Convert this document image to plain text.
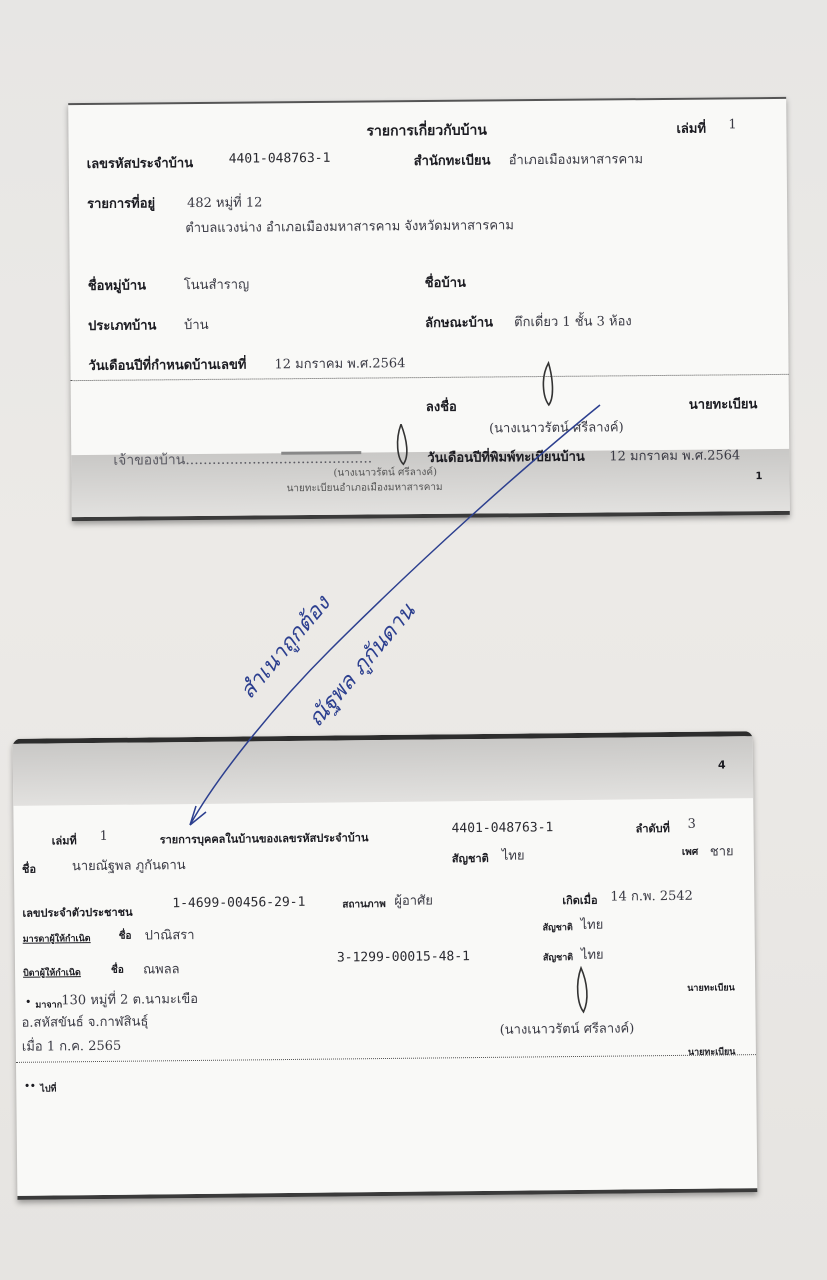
รายการเกี่ยวกับบ้าน	เล่มที่ 1
เลขรหัสประจำบ้าน	4401-048763-1	สำนักทะเบียน อำเภอเมืองมหาสารคาม
รายการที่อยู่ 482 หมู่ที่ 12
ตำบลแวงน่าง อำเภอเมืองมหาสารคาม จังหวัดมหาสารคาม
ชื่อหมู่บ้าน	โนนสำราญ	ชื่อบ้าน
ประเภทบ้าน บ้าน	ลักษณะบ้าน ตึกเดี่ยว 1 ชั้น 3 ห้อง
วันเดือนปีที่กำหนดบ้านเลขที่ 12 มกราคม พ.ศ.2564
ลงชื่อ	นายทะเบียน
(นางเนาวรัตน์ ศรีลางค์)
เจ้าของบ้าน..........................................	วันเดือนปีที่พิมพ์ทะเบียนบ้าน 12 มกราคม พ.ศ.2564
(นางเนาวรัตน์ ศรีลางค์)
นายทะเบียนอำเภอเมืองมหาสารคาม
1
4
เล่มที่ 1	รายการบุคคลในบ้านของเลขรหัสประจำบ้าน
4401-048763-1	ลำดับที่ 3
ชื่อ	นายณัฐพล ภูกันดาน	สัญชาติ ไทย	เพศ ชาย
เลขประจำตัวประชาชน
1-4699-00456-29-1	สถานภาพ ผู้อาศัย	เกิดเมื่อ 14 ก.พ. 2542
มารดาผู้ให้กำเนิด	ชื่อ ปาณิสรา	สัญชาติ ไทย
บิดาผู้ให้กำเนิด	ชื่อ ณพลล
3-1299-00015-48-1	สัญชาติ ไทย
• มาจาก 130 หมู่ที่ 2 ต.นามะเขือ
อ.สหัสขันธ์ จ.กาฬสินธุ์
เมื่อ 1 ก.ค. 2565
นายทะเบียน
(นางเนาวรัตน์ ศรีลางค์)
นายทะเบียน
•• ไปที่
สำเนาถูกต้อง
ณัฐพล ภูกันดาน
